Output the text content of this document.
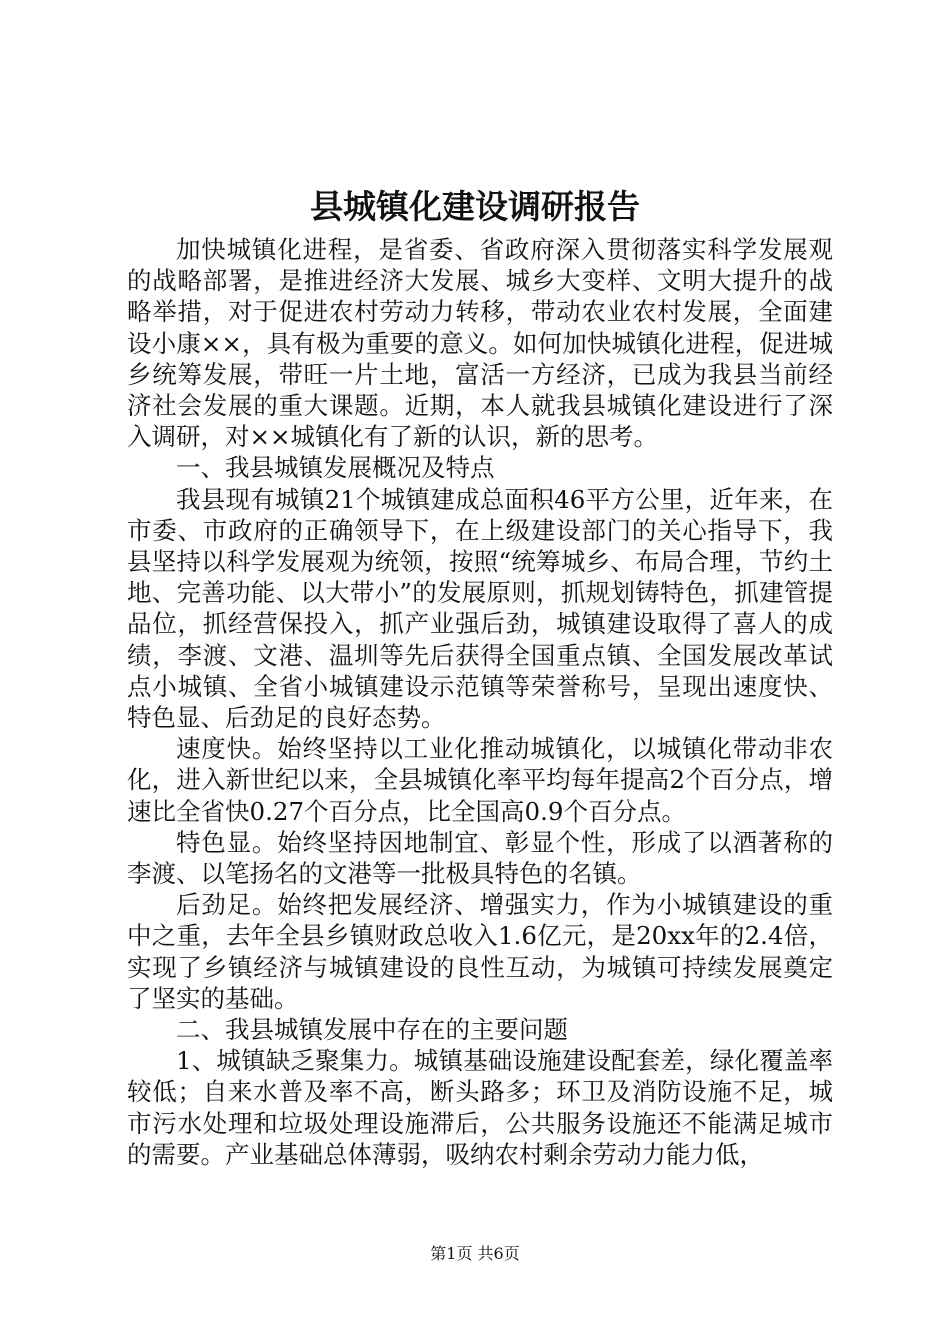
县城镇化建设调研报告

加快城镇化进程，是省委、省政府深入贯彻落实科学发展观的战略部署，是推进经济大发展、城乡大变样、文明大提升的战略举措，对于促进农村劳动力转移，带动农业农村发展，全面建设小康××，具有极为重要的意义。如何加快城镇化进程，促进城乡统筹发展，带旺一片土地，富活一方经济，已成为我县当前经济社会发展的重大课题。近期，本人就我县城镇化建设进行了深入调研，对××城镇化有了新的认识，新的思考。

一、我县城镇发展概况及特点

我县现有城镇21个城镇建成总面积46平方公里，近年来，在市委、市政府的正确领导下，在上级建设部门的关心指导下，我县坚持以科学发展观为统领，按照“统筹城乡、布局合理，节约土地、完善功能、以大带小”的发展原则，抓规划铸特色，抓建管提品位，抓经营保投入，抓产业强后劲，城镇建设取得了喜人的成绩，李渡、文港、温圳等先后获得全国重点镇、全国发展改革试点小城镇、全省小城镇建设示范镇等荣誉称号，呈现出速度快、特色显、后劲足的良好态势。

速度快。始终坚持以工业化推动城镇化，以城镇化带动非农化，进入新世纪以来，全县城镇化率平均每年提高2个百分点，增速比全省快0.27个百分点，比全国高0.9个百分点。

特色显。始终坚持因地制宜、彰显个性，形成了以酒著称的李渡、以笔扬名的文港等一批极具特色的名镇。

后劲足。始终把发展经济、增强实力，作为小城镇建设的重中之重，去年全县乡镇财政总收入1.6亿元，是20xx年的2.4倍，实现了乡镇经济与城镇建设的良性互动，为城镇可持续发展奠定了坚实的基础。

二、我县城镇发展中存在的主要问题

1、城镇缺乏聚集力。城镇基础设施建设配套差，绿化覆盖率较低；自来水普及率不高，断头路多；环卫及消防设施不足，城市污水处理和垃圾处理设施滞后，公共服务设施还不能满足城市的需要。产业基础总体薄弱，吸纳农村剩余劳动力能力低，

第1页 共6页
